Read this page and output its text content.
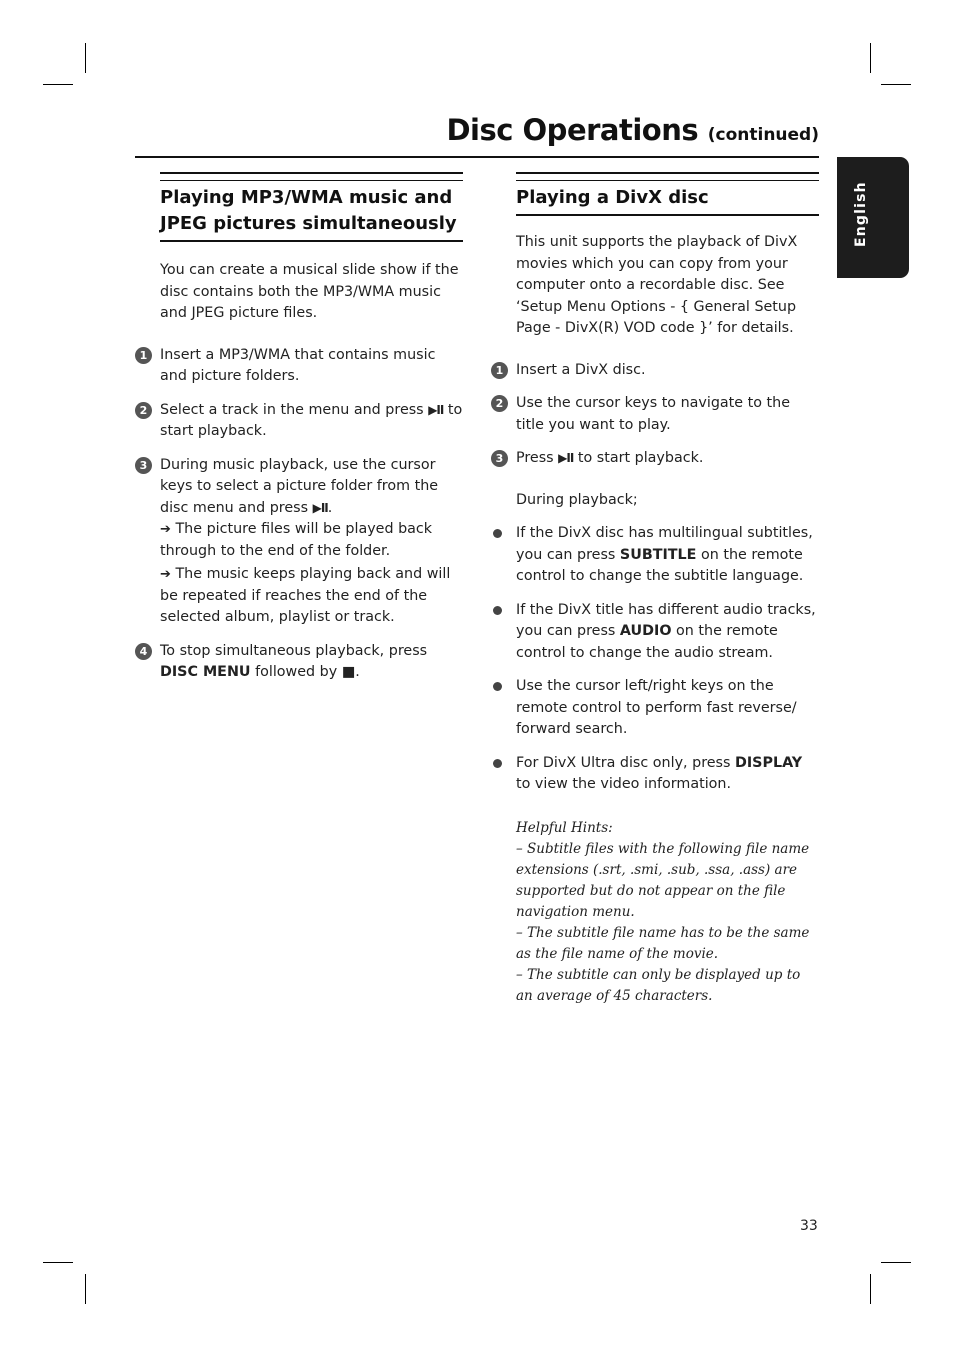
Disc Operations (continued)
English
Playing MP3/WMA music and JPEG pictures simultaneously
You can create a musical slide show if the disc contains both the MP3/WMA music and JPEG picture files.
1 Insert a MP3/WMA that contains music and picture folders.
2 Select a track in the menu and press ▶II to start playback.
3 During music playback, use the cursor keys to select a picture folder from the disc menu and press ▶II.
➔ The picture files will be played back through to the end of the folder.
➔ The music keeps playing back and will be repeated if reaches the end of the selected album, playlist or track.
4 To stop simultaneous playback, press DISC MENU followed by ■.
Playing a DivX disc
This unit supports the playback of DivX movies which you can copy from your computer onto a recordable disc. See ‘Setup Menu Options - { General Setup Page - DivX(R) VOD code }’ for details.
1 Insert a DivX disc.
2 Use the cursor keys to navigate to the title you want to play.
3 Press ▶II to start playback.
During playback;
If the DivX disc has multilingual subtitles, you can press SUBTITLE on the remote control to change the subtitle language.
If the DivX title has different audio tracks, you can press AUDIO on the remote control to change the audio stream.
Use the cursor left/right keys on the remote control to perform fast reverse/ forward search.
For DivX Ultra disc only, press DISPLAY to view the video information.
Helpful Hints:
– Subtitle files with the following file name extensions (.srt, .smi, .sub, .ssa, .ass) are supported but do not appear on the file navigation menu.
– The subtitle file name has to be the same as the file name of the movie.
– The subtitle can only be displayed up to an average of 45 characters.
33
